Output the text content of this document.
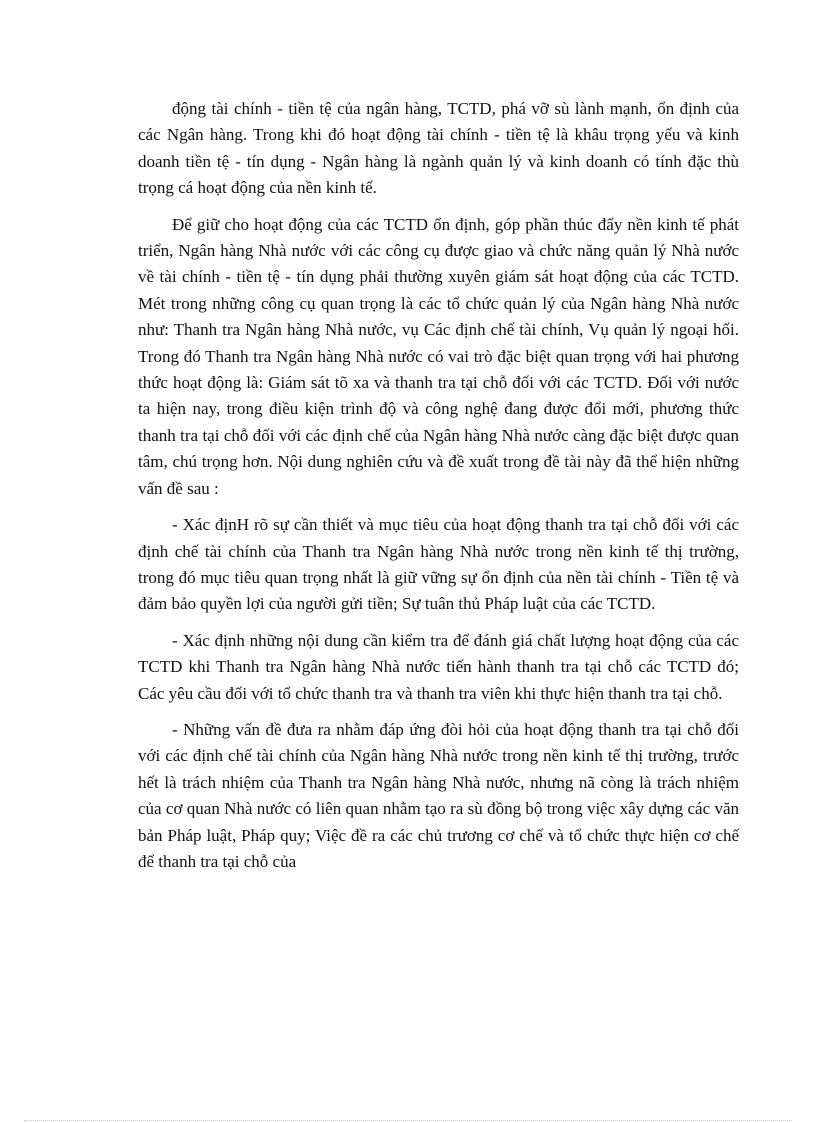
động tài chính - tiền tệ của ngân hàng, TCTD, phá vỡ sù lành mạnh, ổn định của các Ngân hàng. Trong khi đó hoạt động tài chính - tiền tệ là khâu trọng yếu và kinh doanh tiền tệ - tín dụng - Ngân hàng là ngành quản lý và kinh doanh có tính đặc thù trọng cá hoạt động của nền kinh tế.

Để giữ cho hoạt động của các TCTD ổn định, góp phần thúc đẩy nền kinh tế phát triển, Ngân hàng Nhà nước với các công cụ được giao và chức năng quản lý Nhà nước về tài chính - tiền tệ - tín dụng phải thường xuyên giám sát hoạt động của các TCTD. Mét trong những công cụ quan trọng là các tổ chức quản lý của Ngân hàng Nhà nước như: Thanh tra Ngân hàng Nhà nước, vụ Các định chế tài chính, Vụ quản lý ngoại hối. Trong đó Thanh tra Ngân hàng Nhà nước có vai trò đặc biệt quan trọng với hai phương thức hoạt động là: Giám sát tõ xa và thanh tra tại chỗ đối với các TCTD. Đối với nước ta hiện nay, trong điều kiện trình độ và công nghệ đang được đổi mới, phương thức thanh tra tại chỗ đối với các định chế của Ngân hàng Nhà nước càng đặc biệt được quan tâm, chú trọng hơn. Nội dung nghiên cứu và đề xuất trong đề tài này đã thể hiện những vấn đề sau :

- Xác địnH rõ sự cần thiết và mục tiêu của hoạt động thanh tra tại chỗ đối với các định chế tài chính của Thanh tra Ngân hàng Nhà nước trong nền kinh tế thị trường, trong đó mục tiêu quan trọng nhất là giữ vững sự ổn định của nền tài chính - Tiền tệ và đảm bảo quyền lợi của người gửi tiền; Sự tuân thủ Pháp luật của các TCTD.

- Xác định những nội dung cần kiểm tra để đánh giá chất lượng hoạt động của các TCTD khi Thanh tra Ngân hàng Nhà nước tiến hành thanh tra tại chỗ các TCTD đó; Các yêu cầu đối với tổ chức thanh tra và thanh tra viên khi thực hiện thanh tra tại chỗ.

- Những vấn đề đưa ra nhằm đáp ứng đòi hỏi của hoạt động thanh tra tại chỗ đối với các định chế tài chính của Ngân hàng Nhà nước trong nền kinh tế thị trường, trước hết là trách nhiệm của Thanh tra Ngân hàng Nhà nước, nhưng nã còng là trách nhiệm của cơ quan Nhà nước có liên quan nhằm tạo ra sù đồng bộ trong việc xây dựng các văn bản Pháp luật, Pháp quy; Việc đề ra các chủ trương cơ chế và tổ chức thực hiện cơ chế để thanh tra tại chỗ của
